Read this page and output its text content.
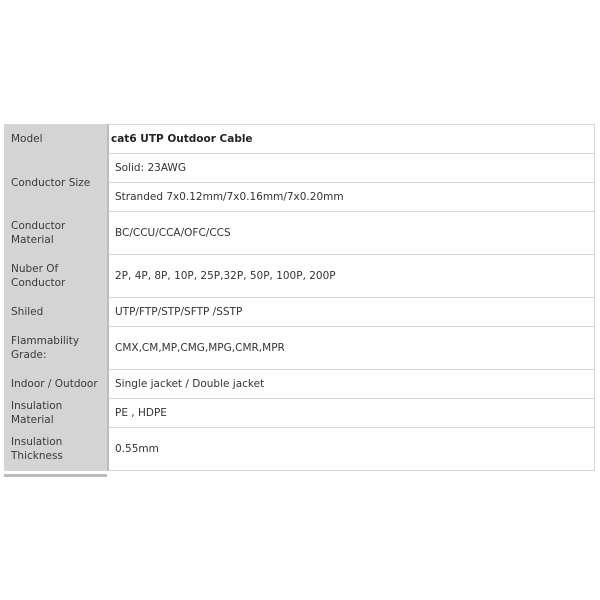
Model	cat6 UTP Outdoor Cable
Conductor Size	Solid: 23AWG
	Stranded 7x0.12mm/7x0.16mm/7x0.20mm
Conductor Material	BC/CCU/CCA/OFC/CCS
Nuber Of Conductor	2P, 4P, 8P, 10P, 25P,32P, 50P, 100P, 200P
Shiled	UTP/FTP/STP/SFTP /SSTP
Flammability Grade:	CMX,CM,MP,CMG,MPG,CMR,MPR
Indoor / Outdoor	Single jacket / Double jacket
Insulation Material	PE , HDPE
Insulation Thickness	0.55mm
